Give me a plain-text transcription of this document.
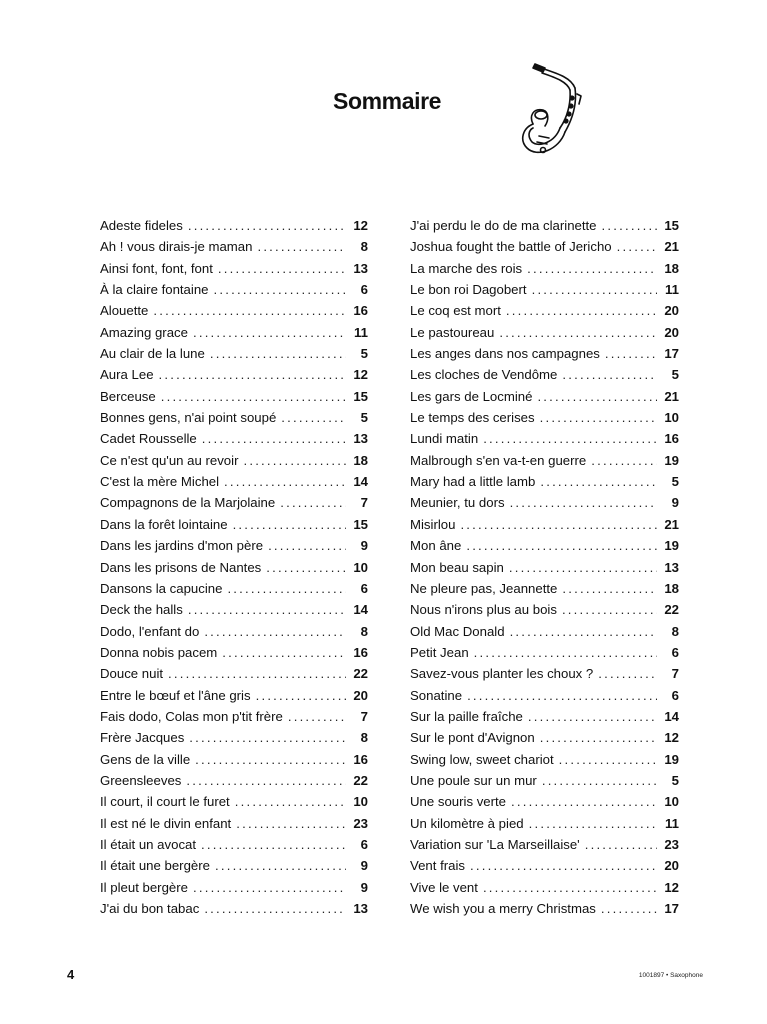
Sommaire
Adeste fideles .....	12
Ah ! vous dirais-je maman .....	8
Ainsi font, font, font .....	13
À la claire fontaine .....	6
Alouette .....	16
Amazing grace .....	11
Au clair de la lune .....	5
Aura Lee .....	12
Berceuse .....	15
Bonnes gens, n'ai point soupé .....	5
Cadet Rousselle .....	13
Ce n'est qu'un au revoir .....	18
C'est la mère Michel .....	14
Compagnons de la Marjolaine .....	7
Dans la forêt lointaine .....	15
Dans les jardins d'mon père .....	9
Dans les prisons de Nantes .....	10
Dansons la capucine .....	6
Deck the halls .....	14
Dodo, l'enfant do .....	8
Donna nobis pacem .....	16
Douce nuit .....	22
Entre le bœuf et l'âne gris .....	20
Fais dodo, Colas mon p'tit frère .....	7
Frère Jacques .....	8
Gens de la ville .....	16
Greensleeves .....	22
Il court, il court le furet .....	10
Il est né le divin enfant .....	23
Il était un avocat .....	6
Il était une bergère .....	9
Il pleut bergère .....	9
J'ai du bon tabac .....	13
J'ai perdu le do de ma clarinette .....	15
Joshua fought the battle of Jericho .....	21
La marche des rois .....	18
Le bon roi Dagobert .....	11
Le coq est mort .....	20
Le pastoureau .....	20
Les anges dans nos campagnes .....	17
Les cloches de Vendôme .....	5
Les gars de Locminé .....	21
Le temps des cerises .....	10
Lundi matin .....	16
Malbrough s'en va-t-en guerre .....	19
Mary had a little lamb .....	5
Meunier, tu dors .....	9
Misirlou .....	21
Mon âne .....	19
Mon beau sapin .....	13
Ne pleure pas, Jeannette .....	18
Nous n'irons plus au bois .....	22
Old Mac Donald .....	8
Petit Jean .....	6
Savez-vous planter les choux ? .....	7
Sonatine .....	6
Sur la paille fraîche .....	14
Sur le pont d'Avignon .....	12
Swing low, sweet chariot .....	19
Une poule sur un mur .....	5
Une souris verte .....	10
Un kilomètre à pied .....	11
Variation sur 'La Marseillaise' .....	23
Vent frais .....	20
Vive le vent .....	12
We wish you a merry Christmas .....	17
4	1001897 • Saxophone
